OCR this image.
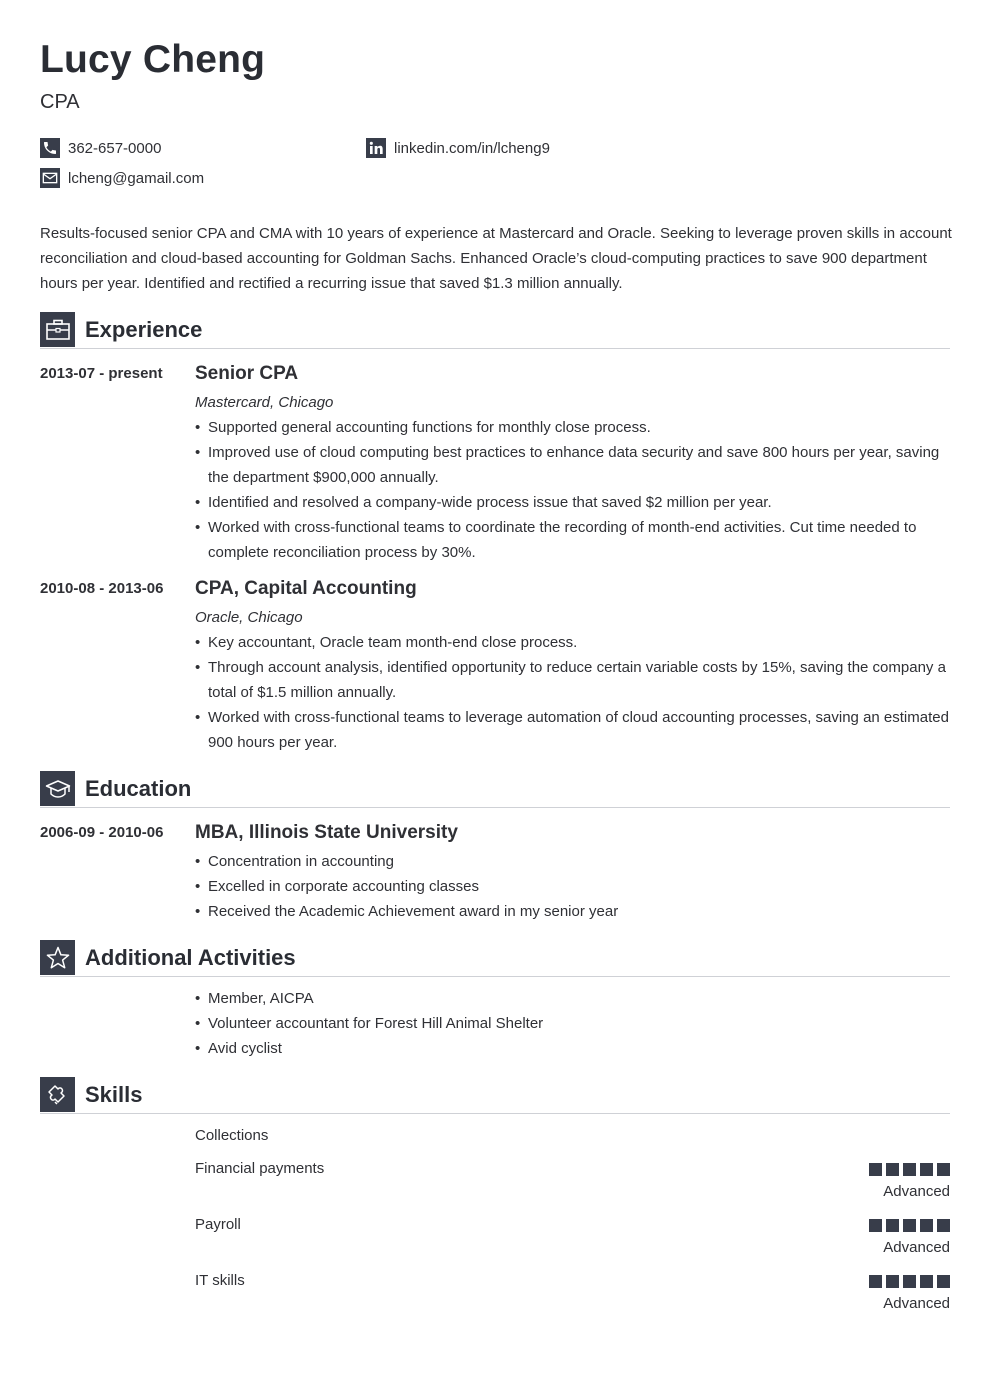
Lucy Cheng
CPA
362-657-0000
lcheng@gamail.com
linkedin.com/in/lcheng9
Results-focused senior CPA and CMA with 10 years of experience at Mastercard and Oracle. Seeking to leverage proven skills in account reconciliation and cloud-based accounting for Goldman Sachs. Enhanced Oracle’s cloud-computing practices to save 900 department hours per year. Identified and rectified a recurring issue that saved $1.3 million annually.
Experience
2013-07 - present Senior CPA
Mastercard, Chicago
• Supported general accounting functions for monthly close process.
• Improved use of cloud computing best practices to enhance data security and save 800 hours per year, saving the department $900,000 annually.
• Identified and resolved a company-wide process issue that saved $2 million per year.
• Worked with cross-functional teams to coordinate the recording of month-end activities. Cut time needed to complete reconciliation process by 30%.
2010-08 - 2013-06 CPA, Capital Accounting
Oracle, Chicago
• Key accountant, Oracle team month-end close process.
• Through account analysis, identified opportunity to reduce certain variable costs by 15%, saving the company a total of $1.5 million annually.
• Worked with cross-functional teams to leverage automation of cloud accounting processes, saving an estimated 900 hours per year.
Education
2006-09 - 2010-06 MBA, Illinois State University
• Concentration in accounting
• Excelled in corporate accounting classes
• Received the Academic Achievement award in my senior year
Additional Activities
• Member, AICPA
• Volunteer accountant for Forest Hill Animal Shelter
• Avid cyclist
Skills
Collections
Financial payments
Advanced
Payroll
Advanced
IT skills
Advanced
